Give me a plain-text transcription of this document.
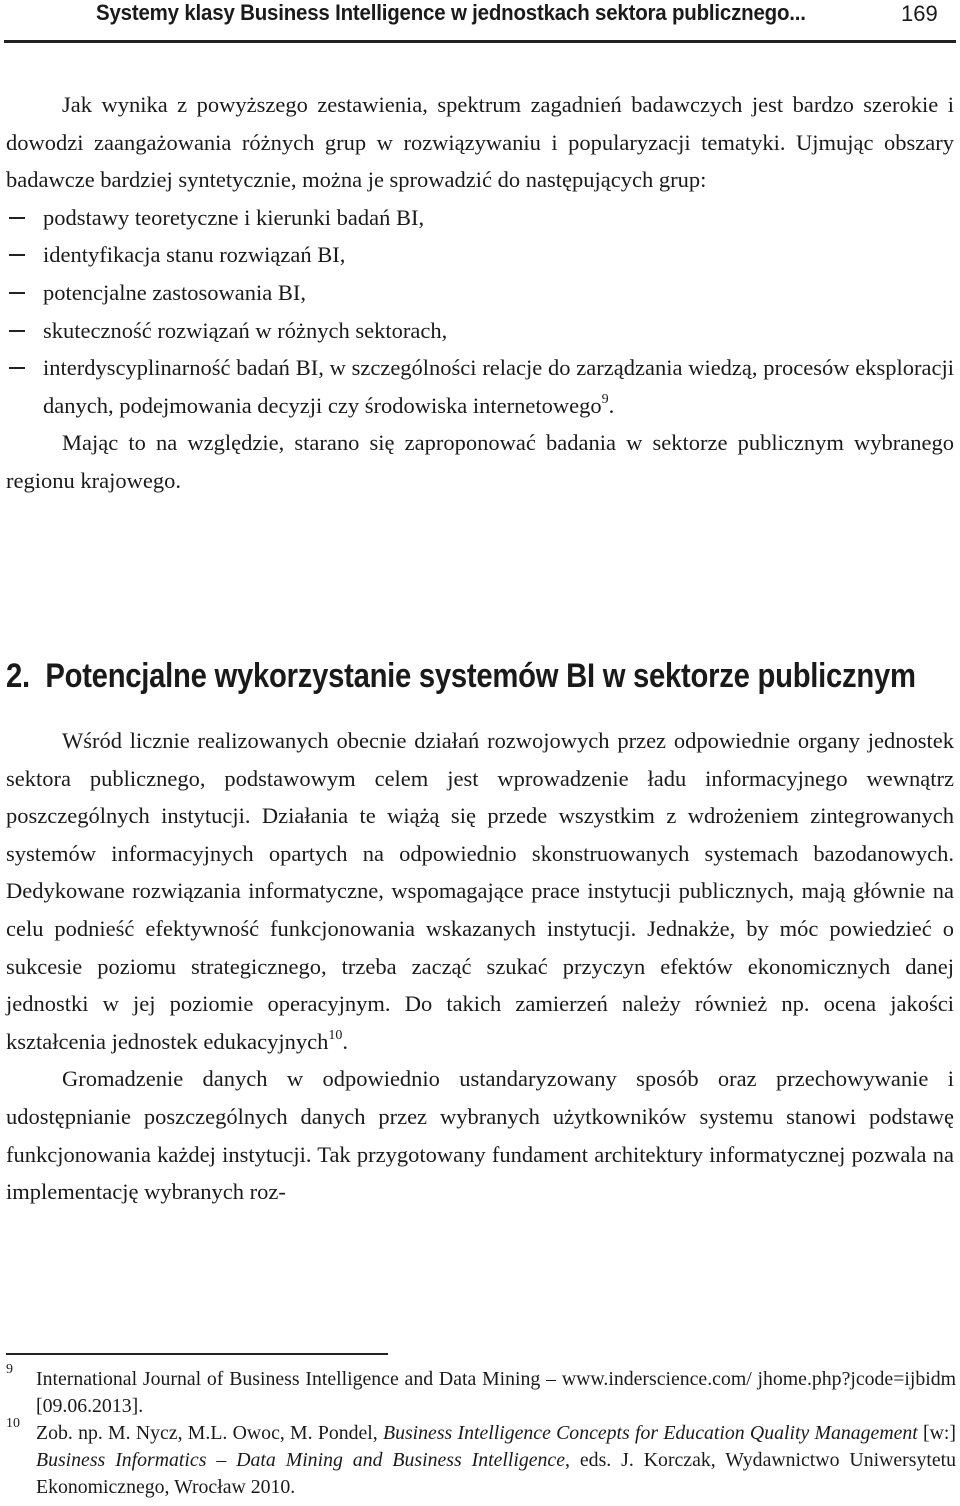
Systemy klasy Business Intelligence w jednostkach sektora publicznego...	169

Jak wynika z powyższego zestawienia, spektrum zagadnień badawczych jest bardzo szerokie i dowodzi zaangażowania różnych grup w rozwiązywaniu i popularyzacji tematyki. Ujmując obszary badawcze bardziej syntetycznie, można je sprowadzić do następujących grup:

podstawy teoretyczne i kierunki badań BI,
identyfikacja stanu rozwiązań BI,
potencjalne zastosowania BI,
skuteczność rozwiązań w różnych sektorach,
interdyscyplinarność badań BI, w szczególności relacje do zarządzania wiedzą, procesów eksploracji danych, podejmowania decyzji czy środowiska internetowego$^9$.

Mając to na względzie, starano się zaproponować badania w sektorze publicznym wybranego regionu krajowego.

2. Potencjalne wykorzystanie systemów BI w sektorze publicznym

Wśród licznie realizowanych obecnie działań rozwojowych przez odpowiednie organy jednostek sektora publicznego, podstawowym celem jest wprowadzenie ładu informacyjnego wewnątrz poszczególnych instytucji. Działania te wiążą się przede wszystkim z wdrożeniem zintegrowanych systemów informacyjnych opartych na odpowiednio skonstruowanych systemach bazodanowych. Dedykowane rozwiązania informatyczne, wspomagające prace instytucji publicznych, mają głównie na celu podnieść efektywność funkcjonowania wskazanych instytucji. Jednakże, by móc powiedzieć o sukcesie poziomu strategicznego, trzeba zacząć szukać przyczyn efektów ekonomicznych danej jednostki w jej poziomie operacyjnym. Do takich zamierzeń należy również np. ocena jakości kształcenia jednostek edukacyjnych$^{10}$.

Gromadzenie danych w odpowiednio ustandaryzowany sposób oraz przechowywanie i udostępnianie poszczególnych danych przez wybranych użytkowników systemu stanowi podstawę funkcjonowania każdej instytucji. Tak przygotowany fundament architektury informatycznej pozwala na implementację wybranych roz-

9 International Journal of Business Intelligence and Data Mining – www.inderscience.com/ jhome.php?jcode=ijbidm [09.06.2013].
10 Zob. np. M. Nycz, M.L. Owoc, M. Pondel, Business Intelligence Concepts for Education Quality Management [w:] Business Informatics – Data Mining and Business Intelligence, eds. J. Korczak, Wydawnictwo Uniwersytetu Ekonomicznego, Wrocław 2010.
